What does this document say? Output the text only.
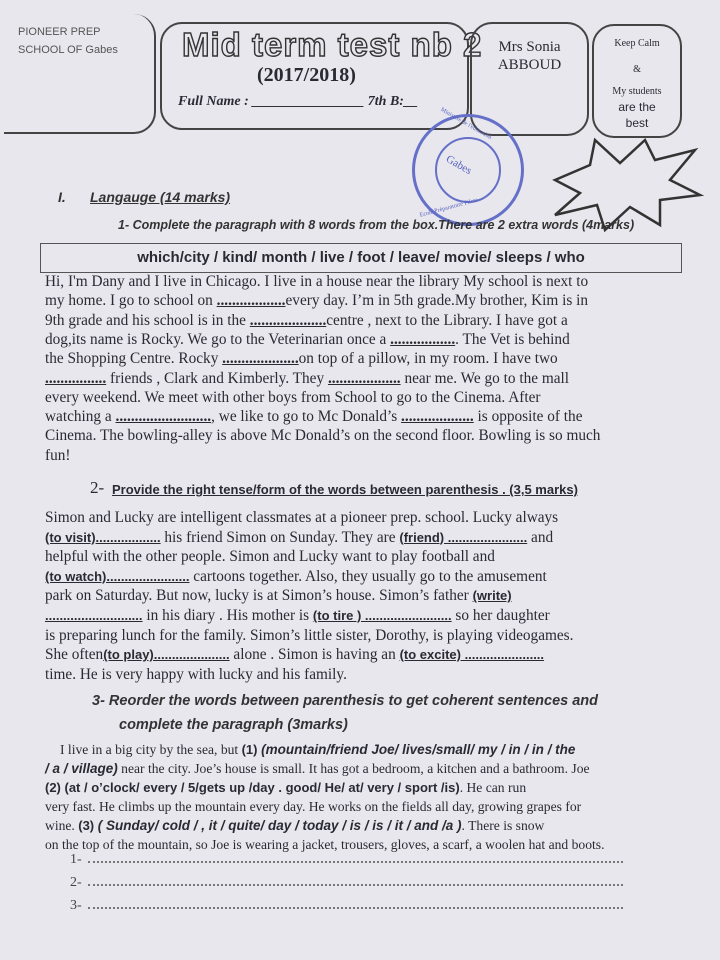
PIONEER PREP
SCHOOL OF Gabes	Mid term test nb 2
(2017/2018)
Full Name : ________________ 7th B:__
Mrs Sonia
ABBOUD
Keep Calm
&
My students
are the
best
Gabes
Ministère de l'éducation
Ecole Préparatoire Pilote
I. Langauge (14 marks)
1- Complete the paragraph with 8 words from the box.There are 2 extra words (4marks)
which/city / kind/ month / live / foot / leave/ movie/ sleeps / who
Hi, I'm Dany and I live in Chicago. I live in a house near the library My school is next to
my home. I go to school on ..................every day. I’m in 5th grade.My brother, Kim is in
9th grade and his school is in the ....................centre , next to the Library. I have got a
dog,its name is Rocky. We go to the Veterinarian once a .................. The Vet is behind
the Shopping Centre. Rocky ....................on top of a pillow, in my room. I have two
................ friends , Clark and Kimberly. They ................... near me. We go to the mall
every weekend. We meet with other boys from School to go to the Cinema. After
watching a ........................., we like to go to Mc Donald’s ................... is opposite of the
Cinema. The bowling-alley is above Mc Donald’s on the second floor. Bowling is so much
fun!
2- Provide the right tense/form of the words between parenthesis . (3,5 marks)
Simon and Lucky are intelligent classmates at a pioneer prep. school. Lucky always
(to visit).................. his friend Simon on Sunday. They are (friend) ...................... and
helpful with the other people. Simon and Lucky want to play football and
(to watch)....................... cartoons together. Also, they usually go to the amusement
park on Saturday. But now, lucky is at Simon’s house. Simon’s father (write)
........................... in his diary . His mother is (to tire ) ........................ so her daughter
is preparing lunch for the family. Simon’s little sister, Dorothy, is playing videogames.
She often(to play)..................... alone . Simon is having an (to excite) ......................
time. He is very happy with lucky and his family.
3- Reorder the words between parenthesis to get coherent sentences and
complete the paragraph (3marks)
I live in a big city by the sea, but (1) (mountain/friend Joe/ lives/small/ my / in / in / the
/ a / village) near the city. Joe’s house is small. It has got a bedroom, a kitchen and a bathroom. Joe
(2) (at / o’clock/ every / 5/gets up /day . good/ He/ at/ very / sport /is). He can run
very fast. He climbs up the mountain every day. He works on the fields all day, growing grapes for
wine. (3) ( Sunday/ cold / , it / quite/ day / today / is / is / it / and /a ). There is snow
on the top of the mountain, so Joe is wearing a jacket, trousers, gloves, a scarf, a woolen hat and boots.
1-
2-
3-
